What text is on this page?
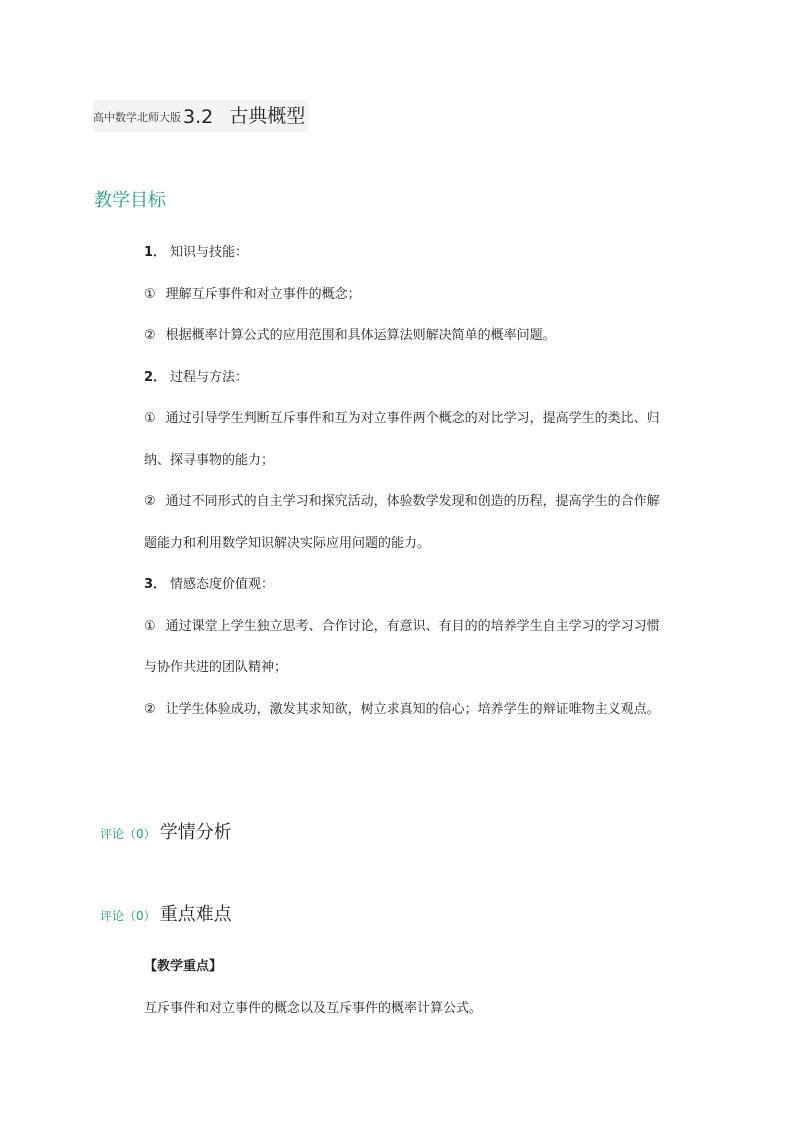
高中数学北师大版 3.2 古典概型
教学目标
1． 知识与技能：
① 理解互斥事件和对立事件的概念；
② 根据概率计算公式的应用范围和具体运算法则解决简单的概率问题。
2． 过程与方法：
① 通过引导学生判断互斥事件和互为对立事件两个概念的对比学习，提高学生的类比、归
纳、探寻事物的能力；
② 通过不同形式的自主学习和探究活动，体验数学发现和创造的历程，提高学生的合作解
题能力和利用数学知识解决实际应用问题的能力。
3． 情感态度价值观：
① 通过课堂上学生独立思考、合作讨论，有意识、有目的的培养学生自主学习的学习习惯
与协作共进的团队精神；
② 让学生体验成功，激发其求知欲，树立求真知的信心；培养学生的辩证唯物主义观点。
评论（0） 学情分析
评论（0） 重点难点
【教学重点】
互斥事件和对立事件的概念以及互斥事件的概率计算公式。
